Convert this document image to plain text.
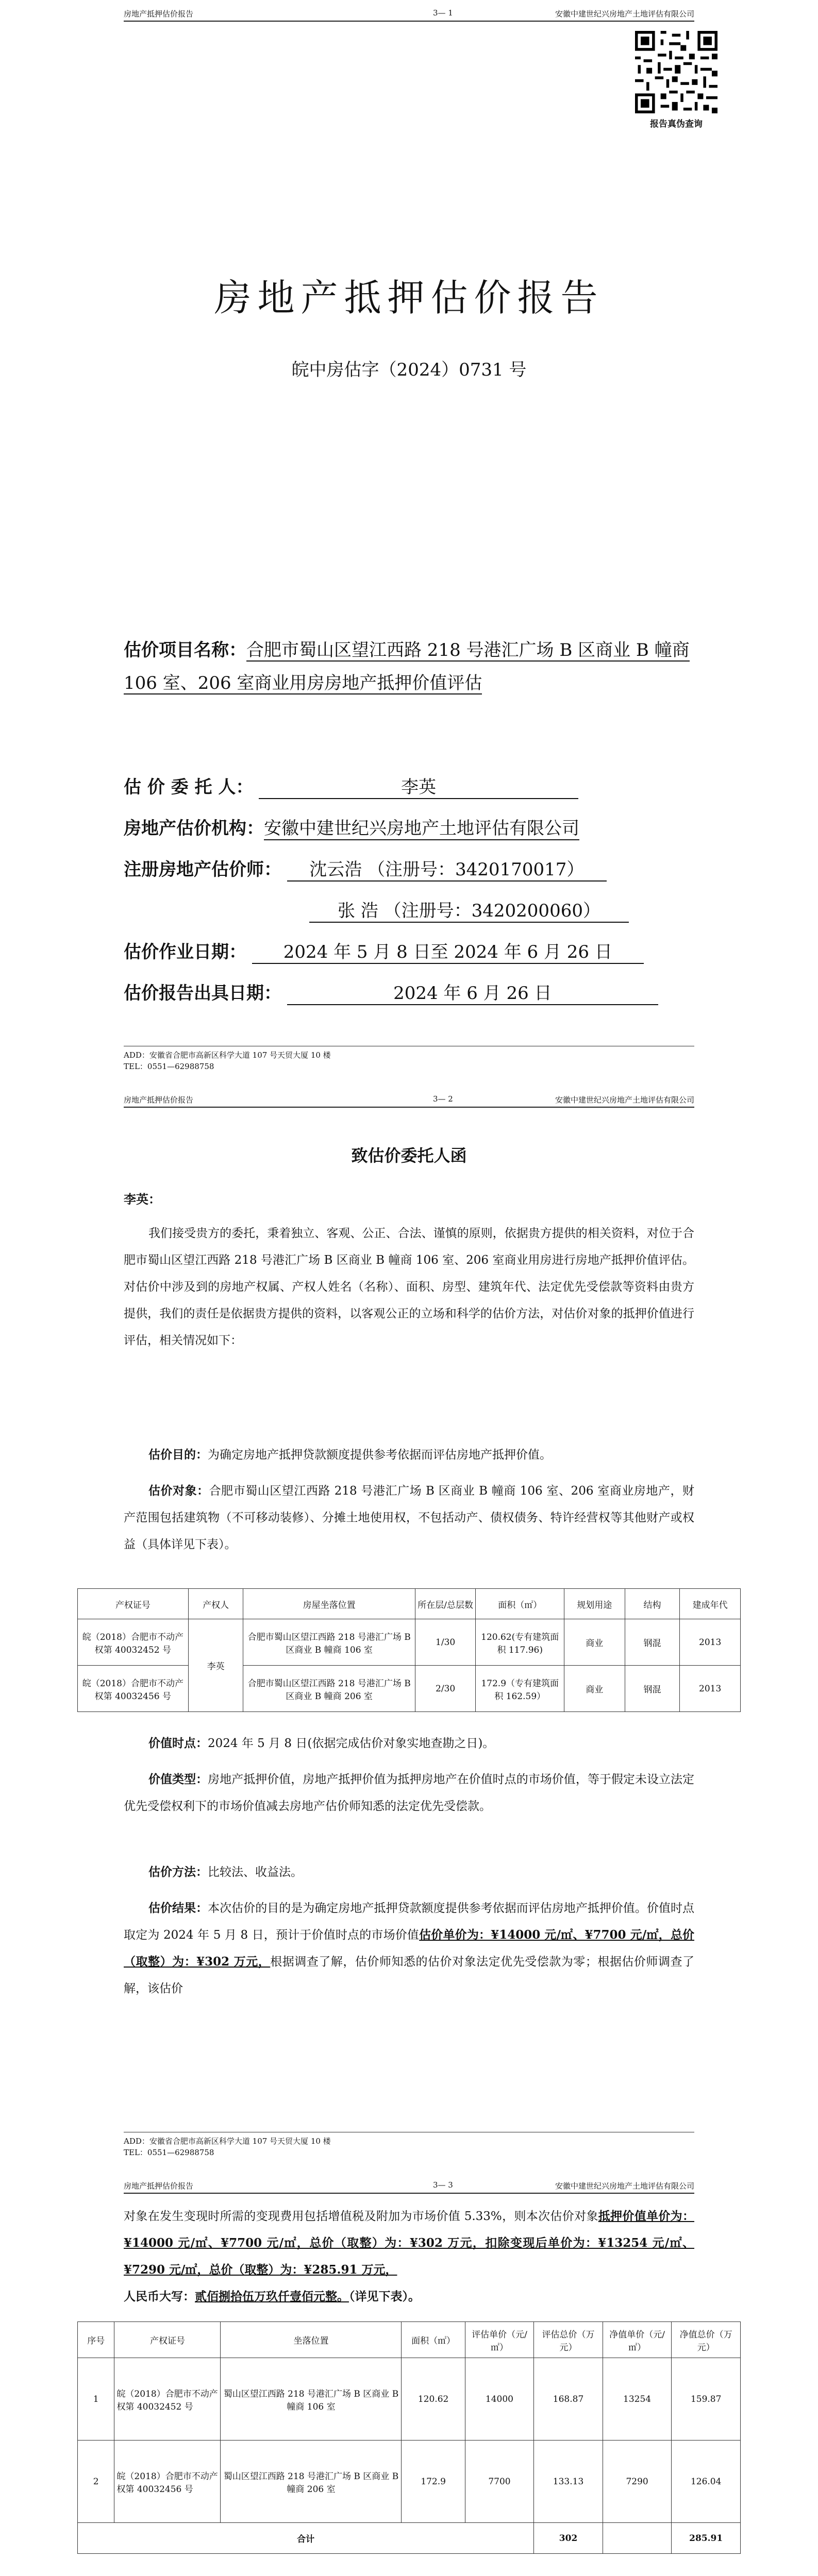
房地产抵押估价报告	3— 1	安徽中建世纪兴房地产土地评估有限公司
报告真伪查询
房地产抵押估价报告
皖中房估字（2024）0731 号
估价项目名称：合肥市蜀山区望江西路 218 号港汇广场 B 区商业 B 幢商 106 室、206 室商业用房房地产抵押价值评估
估 价 委 托 人：	李英
房地产估价机构：安徽中建世纪兴房地产土地评估有限公司
注册房地产估价师： 沈云浩 （注册号：3420170017）
张 浩 （注册号：3420200060）
估价作业日期： 2024 年 5 月 8 日至 2024 年 6 月 26 日
估价报告出具日期：	2024 年 6 月 26 日
ADD：安徽省合肥市高新区科学大道 107 号天贸大厦 10 楼
TEL：0551—62988758
房地产抵押估价报告	3— 2	安徽中建世纪兴房地产土地评估有限公司
致估价委托人函
李英：
我们接受贵方的委托，秉着独立、客观、公正、合法、谨慎的原则，依据贵方提供的相关资料，对位于合肥市蜀山区望江西路 218 号港汇广场 B 区商业 B 幢商 106 室、206 室商业用房进行房地产抵押价值评估。对估价中涉及到的房地产权属、产权人姓名（名称）、面积、房型、建筑年代、法定优先受偿款等资料由贵方提供，我们的责任是依据贵方提供的资料，以客观公正的立场和科学的估价方法，对估价对象的抵押价值进行评估，相关情况如下：
估价目的：为确定房地产抵押贷款额度提供参考依据而评估房地产抵押价值。
估价对象：合肥市蜀山区望江西路 218 号港汇广场 B 区商业 B 幢商 106 室、206 室商业房地产，财产范围包括建筑物（不可移动装修）、分摊土地使用权，不包括动产、债权债务、特许经营权等其他财产或权益（具体详见下表）。
产权证号	产权人	房屋坐落位置	所在层/总层数	面积（㎡）	规划用途	结构	建成年代
皖（2018）合肥市不动产权第 40032452 号	李英	合肥市蜀山区望江西路 218 号港汇广场 B 区商业 B 幢商 106 室	1/30	120.62(专有建筑面积 117.96)	商业	钢混	2013
皖（2018）合肥市不动产权第 40032456 号		合肥市蜀山区望江西路 218 号港汇广场 B 区商业 B 幢商 206 室	2/30	172.9（专有建筑面积 162.59）	商业	钢混	2013
价值时点：2024 年 5 月 8 日(依据完成估价对象实地查勘之日)。
价值类型：房地产抵押价值，房地产抵押价值为抵押房地产在价值时点的市场价值，等于假定未设立法定优先受偿权利下的市场价值减去房地产估价师知悉的法定优先受偿款。
估价方法：比较法、收益法。
估价结果：本次估价的目的是为确定房地产抵押贷款额度提供参考依据而评估房地产抵押价值。价值时点取定为 2024 年 5 月 8 日，预计于价值时点的市场价值估价单价为：¥14000 元/㎡、¥7700 元/㎡，总价（取整）为：¥302 万元，根据调查了解，估价师知悉的估价对象法定优先受偿款为零；根据估价师调查了解，该估价
ADD：安徽省合肥市高新区科学大道 107 号天贸大厦 10 楼
TEL：0551—62988758
房地产抵押估价报告	3— 3	安徽中建世纪兴房地产土地评估有限公司
对象在发生变现时所需的变现费用包括增值税及附加为市场价值 5.33%，则本次估价对象抵押价值单价为：¥14000 元/㎡、¥7700 元/㎡，总价（取整）为：¥302 万元，扣除变现后单价为：¥13254 元/㎡、¥7290 元/㎡，总价（取整）为：¥285.91 万元，
人民币大写：贰佰捌拾伍万玖仟壹佰元整。（详见下表）。
序号	产权证号	坐落位置	面积（㎡）	评估单价（元/㎡）	评估总价（万元）	净值单价（元/㎡）	净值总价（万元）
1	皖（2018）合肥市不动产权第 40032452 号	蜀山区望江西路 218 号港汇广场 B 区商业 B 幢商 106 室	120.62	14000	168.87	13254	159.87
2	皖（2018）合肥市不动产权第 40032456 号	蜀山区望江西路 218 号港汇广场 B 区商业 B 幢商 206 室	172.9	7700	133.13	7290	126.04
合计					302		285.91
